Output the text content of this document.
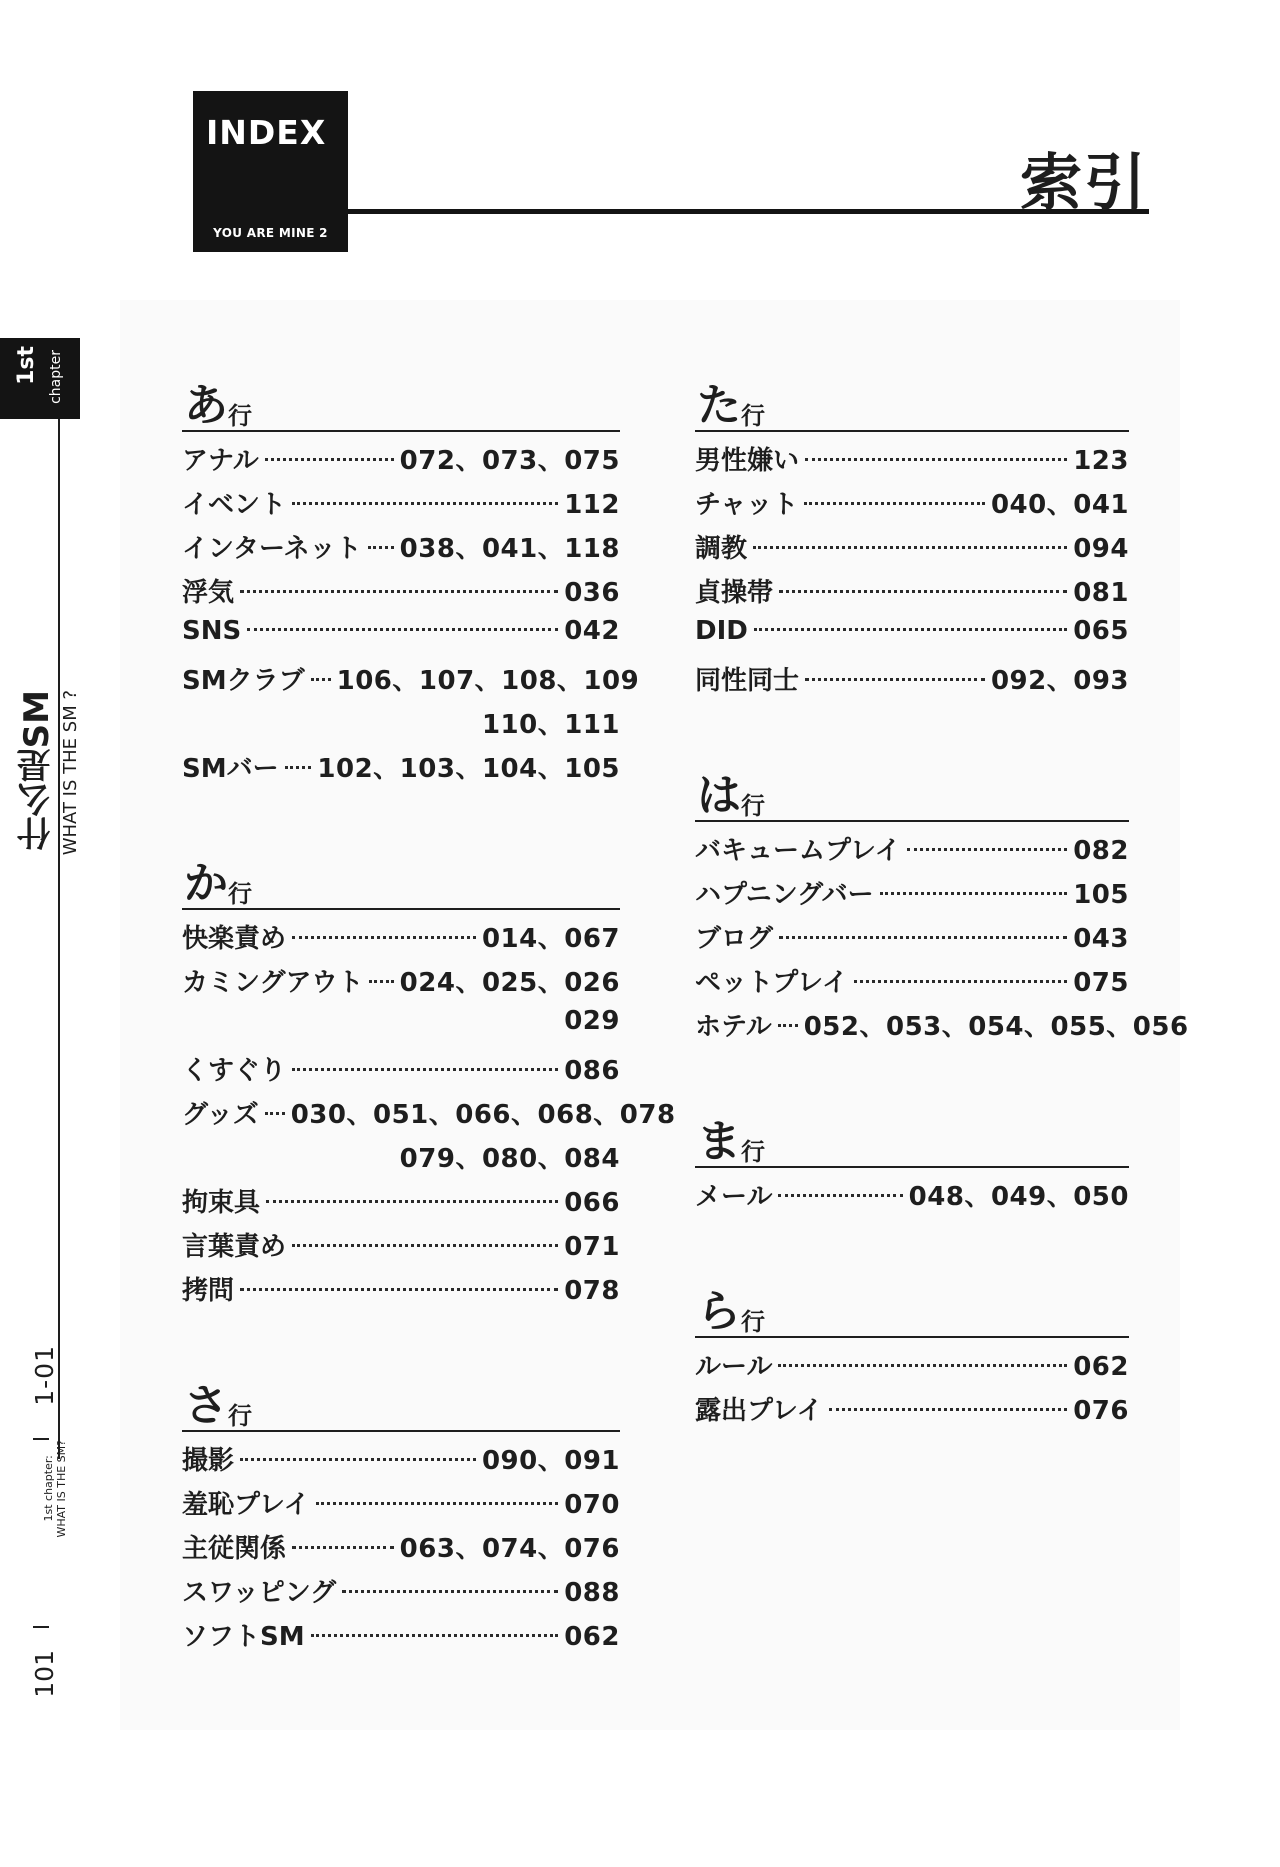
INDEX
YOU ARE MINE 2
索引
1st chapter
什么是SM WHAT IS THE SM ?
1-01
1st chapter:
WHAT IS THE SM?
101
あ 行
アナル	072、073、075
イベント	112
インターネット 038、041、118
浮気	036
SNS	042
SMクラブ 106、107、108、109
110、111
SMバー 102、103、104、105
か 行
快楽責め	014、067
カミングアウト 024、025、026
029
くすぐり	086
グッズ 030、051、066、068、078
079、080、084
拘束具	066
言葉責め	071
拷問	078
さ 行
撮影	090、091
羞恥プレイ	070
主従関係	063、074、076
スワッピング	088
ソフトSM	062
た 行
男性嫌い	123
チャット	040、041
調教	094
貞操帯	081
DID	065
同性同士	092、093
は 行
バキュームプレイ	082
ハプニングバー	105
ブログ	043
ペットプレイ	075
ホテル 052、053、054、055、056
ま 行
メール	048、049、050
ら 行
ルール	062
露出プレイ	076
